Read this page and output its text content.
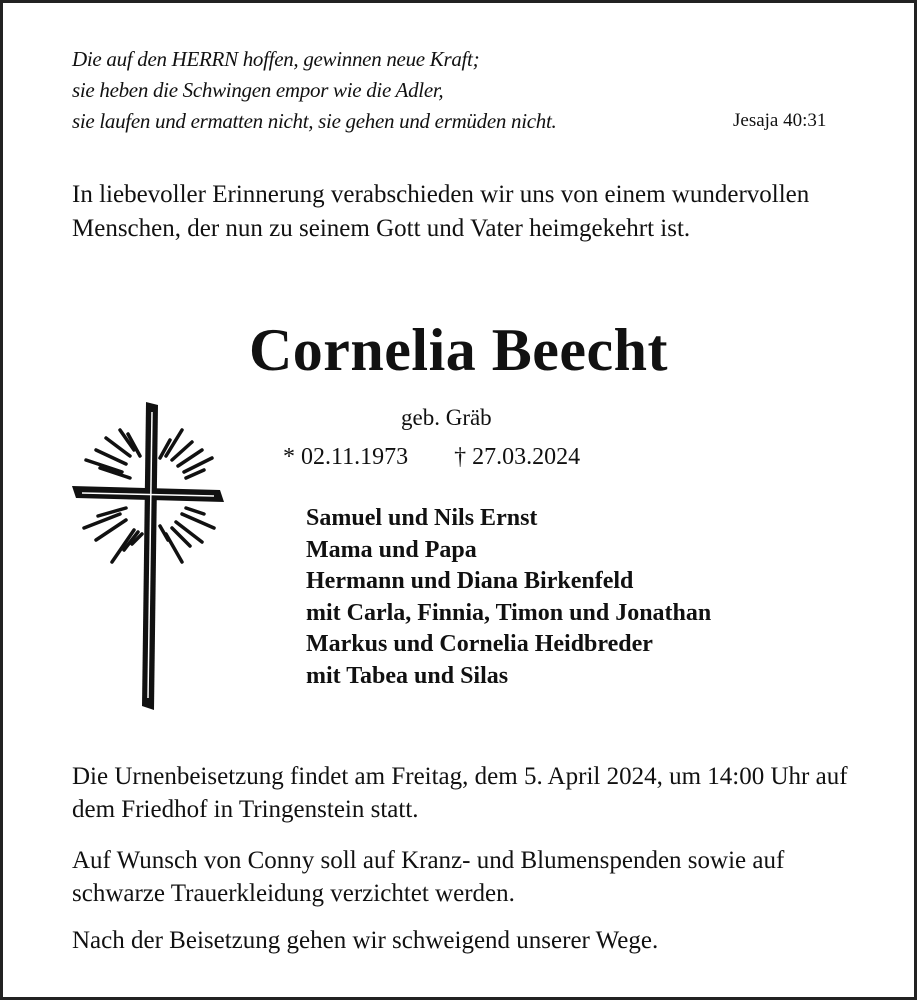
Die auf den HERRN hoffen, gewinnen neue Kraft;
sie heben die Schwingen empor wie die Adler,
sie laufen und ermatten nicht, sie gehen und ermüden nicht.	Jesaja 40:31
In liebevoller Erinnerung verabschieden wir uns von einem wundervollen Menschen, der nun zu seinem Gott und Vater heimgekehrt ist.
Cornelia Beecht
geb. Gräb
* 02.11.1973 † 27.03.2024
Samuel und Nils Ernst
Mama und Papa
Hermann und Diana Birkenfeld
mit Carla, Finnia, Timon und Jonathan
Markus und Cornelia Heidbreder
mit Tabea und Silas
Die Urnenbeisetzung findet am Freitag, dem 5. April 2024, um 14:00 Uhr auf dem Friedhof in Tringenstein statt.
Auf Wunsch von Conny soll auf Kranz- und Blumenspenden sowie auf schwarze Trauerkleidung verzichtet werden.
Nach der Beisetzung gehen wir schweigend unserer Wege.
